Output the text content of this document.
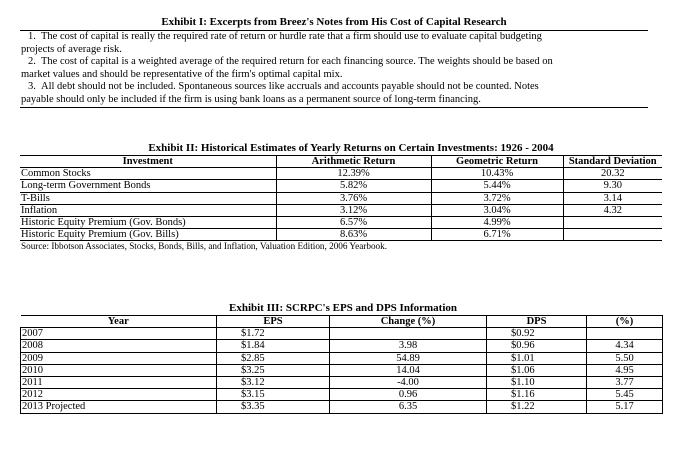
Exhibit I: Excerpts from Breez's Notes from His Cost of Capital Research
1. The cost of capital is really the required rate of return or hurdle rate that a firm should use to evaluate capital budgeting
projects of average risk.
2. The cost of capital is a weighted average of the required return for each financing source. The weights should be based on
market values and should be representative of the firm's optimal capital mix.
3. All debt should not be included. Spontaneous sources like accruals and accounts payable should not be counted. Notes
payable should only be included if the firm is using bank loans as a permanent source of long-term financing.
Exhibit II: Historical Estimates of Yearly Returns on Certain Investments: 1926 - 2004
Investment	Arithmetic Return	Geometric Return	Standard Deviation
Common Stocks	12.39%	10.43%	20.32
Long-term Government Bonds	5.82%	5.44%	9.30
T-Bills	3.76%	3.72%	3.14
Inflation	3.12%	3.04%	4.32
Historic Equity Premium (Gov. Bonds)	6.57%	4.99%	
Historic Equity Premium (Gov. Bills)	8.63%	6.71%	
Source: Ibbotson Associates, Stocks, Bonds, Bills, and Inflation, Valuation Edition, 2006 Yearbook.
Exhibit III: SCRPC's EPS and DPS Information
Year	EPS	Change (%)	DPS	(%)
2007	$1.72		$0.92	
2008	$1.84	3.98	$0.96	4.34
2009	$2.85	54.89	$1.01	5.50
2010	$3.25	14.04	$1.06	4.95
2011	$3.12	-4.00	$1.10	3.77
2012	$3.15	0.96	$1.16	5.45
2013 Projected	$3.35	6.35	$1.22	5.17
